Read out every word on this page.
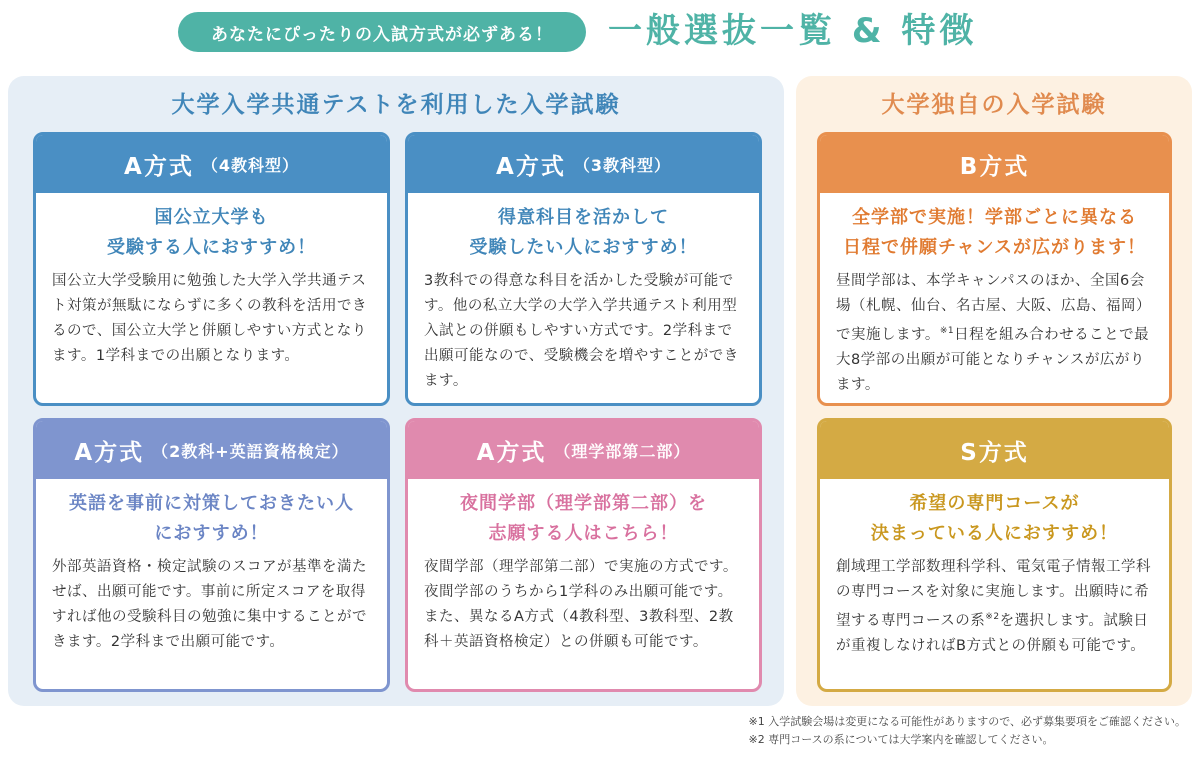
あなたにぴったりの入試方式が必ずある！	一般選抜一覧 & 特徴
大学入学共通テストを利用した入学試験
A方式 （4教科型）
国公立大学も
受験する人におすすめ！
国公立大学受験用に勉強した大学入学共通テスト対策が無駄にならずに多くの教科を活用できるので、国公立大学と併願しやすい方式となります。1学科までの出願となります。
A方式 （3教科型）
得意科目を活かして
受験したい人におすすめ！
3教科での得意な科目を活かした受験が可能です。他の私立大学の大学入学共通テスト利用型入試との併願もしやすい方式です。2学科まで出願可能なので、受験機会を増やすことができます。
A方式 （2教科+英語資格検定）
英語を事前に対策しておきたい人
におすすめ！
外部英語資格・検定試験のスコアが基準を満たせば、出願可能です。事前に所定スコアを取得すれば他の受験科目の勉強に集中することができます。2学科まで出願可能です。
A方式 （理学部第二部）
夜間学部（理学部第二部）を
志願する人はこちら！
夜間学部（理学部第二部）で実施の方式です。夜間学部のうちから1学科のみ出願可能です。また、異なるA方式（4教科型、3教科型、2教科＋英語資格検定）との併願も可能です。
大学独自の入学試験
B方式
全学部で実施！学部ごとに異なる
日程で併願チャンスが広がります！
昼間学部は、本学キャンパスのほか、全国6会場（札幌、仙台、名古屋、大阪、広島、福岡）で実施します。$^{※1}$日程を組み合わせることで最大8学部の出願が可能となりチャンスが広がります。
S方式
希望の専門コースが
決まっている人におすすめ！
創域理工学部数理科学科、電気電子情報工学科の専門コースを対象に実施します。出願時に希望する専門コースの系$^{※2}$を選択します。試験日が重複しなければB方式との併願も可能です。
※1 入学試験会場は変更になる可能性がありますので、必ず募集要項をご確認ください。
※2 専門コースの系については大学案内を確認してください。
